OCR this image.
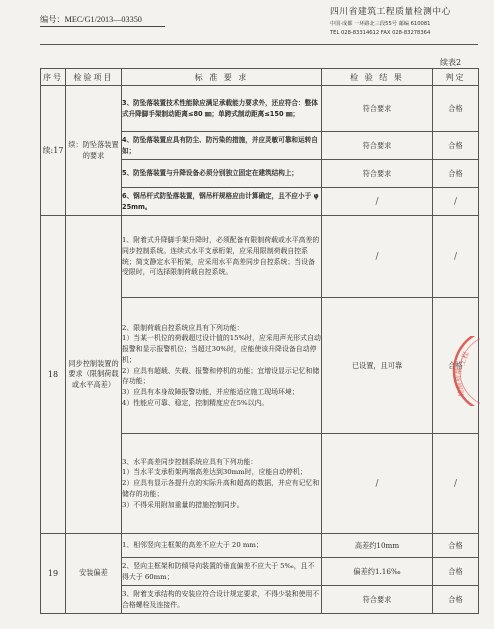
编号：MEC/G1/2013—03350
四川省建筑工程质量检测中心
中国·成都 一环路北三段55号 邮编 610081
TEL 028-83314612 FAX 028-83278364
续表2
序号	检验项目	标 准 要 求	检 验 结 果	判定
续:17	续：防坠落装置的要求	3、防坠落装置技术性能除应满足承载能力要求外，还应符合：整体式升降脚手架制动距离≤80 ㎜；单跨式制动距离≤150 ㎜；	符合要求	合格
		4、防坠落装置应具有防尘、防污染的措施，并应灵敏可靠和运转自如；	符合要求	合格
		5、防坠落装置与升降设备必须分别独立固定在建筑结构上；	符合要求	合格
		6、钢吊杆式防坠落装置，钢吊杆规格应由计算确定，且不应小于 φ 25mm。	/	/
18	同步控制装置的要求（限制荷载或水平高差）	1、附着式升降脚手架升降时，必须配备有限制荷载或水平高差的同步控制系统。连续式水平支承桁架，应采用限制荷载自控系统；简支静定水平桁架，应采用水平高差同步自控系统；当设备受限时，可选择限制荷载自控系统。	/	/
		2、限制荷载自控系统应具有下列功能：
1）当某一机位的荷载超过设计值的15%时，应采用声光形式自动报警和显示报警机位；当超过30%时，应能使该升降设备自动停机；
2）应具有超载、失载、报警和停机的功能；宜增设显示记忆和储存功能；
3）应具有本身故障报警功能，并应能适应施工现场环境；
4）性能应可靠、稳定，控制精度应在5%以内。	已设置，且可靠	合格
		3、水平高差同步控制系统应具有下列功能：
1）当水平支承桁架两端高差达到30mm时，应能自动停机；
2）应具有显示各提升点的实际升高和超高的数据，并应有记忆和储存的功能；
3）不得采用附加重量的措施控制同步。	/	/
19	安装偏差	1、相邻竖向主框架的高差不应大于 20 mm；	高差约10mm	合格
		2、竖向主框架和防倾导向装置的垂直偏差不应大于 5‰，且不得大于 60mm；	偏差约1.16‰	合格
		3、附着支承结构的安装应符合设计规定要求，不得少装和使用不合格螺栓及连接件。	符合要求	合格
工程
质量
检测
